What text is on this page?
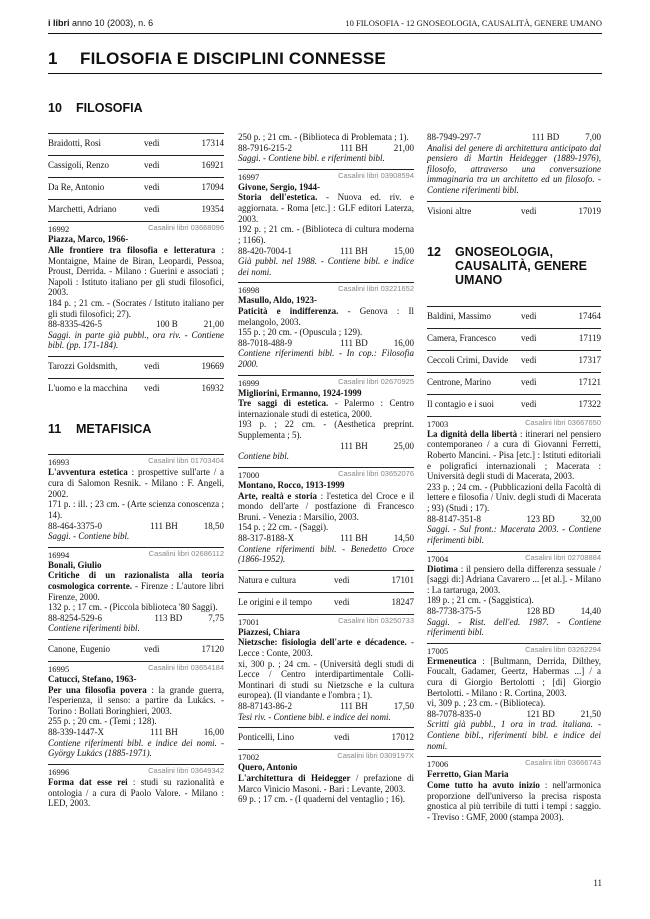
i libri anno 10 (2003), n. 6	10 FILOSOFIA - 12 GNOSEOLOGIA, CAUSALITÀ, GENERE UMANO
1 FILOSOFIA E DISCIPLINI CONNESSE
10 FILOSOFIA
Braidotti, Rosi	vedi	17314
Cassigoli, Renzo	vedi	16921
Da Re, Antonio	vedi	17094
Marchetti, Adriano	vedi	19354
16992	Casalini libri 03668096
Piazza, Marco, 1966-
Alle frontiere tra filosofia e letteratura : Montaigne, Maine de Biran, Leopardi, Pessoa, Proust, Derrida. - Milano : Guerini e associati ; Napoli : Istituto italiano per gli studi filosofici, 2003.
184 p. ; 21 cm. - (Socrates / Istituto italiano per gli studi filosofici; 27).
88-8335-426-5	100 B	21,00
Saggi. in parte già pubbl., ora riv. - Contiene bibl. (pp. 171-184).
Tarozzi Goldsmith,	vedi	19669
L'uomo e la macchina	vedi	16932
11 METAFISICA
16993	Casalini libri 01703404
L'avventura estetica : prospettive sull'arte / a cura di Salomon Resnik. - Milano : F. Angeli, 2002.
171 p. : ill. ; 23 cm. - (Arte scienza conoscenza ; 14).
88-464-3375-0	111 BH	18,50
Saggi. - Contiene bibl.
16994	Casalini libri 02686112
Bonali, Giulio
Critiche di un razionalista alla teoria cosmologica corrente. - Firenze : L'autore libri Firenze, 2000.
132 p. ; 17 cm. - (Piccola biblioteca '80 Saggi).
88-8254-529-6	113 BD	7,75
Contiene riferimenti bibl.
Canone, Eugenio	vedi	17120
16995	Casalini libri 03654184
Catucci, Stefano, 1963-
Per una filosofia povera : la grande guerra, l'esperienza, il senso: a partire da Lukács. - Torino : Bollati Boringhieri, 2003.
255 p. ; 20 cm. - (Temi ; 128).
88-339-1447-X	111 BH	16,00
Contiene riferimenti bibl. e indice dei nomi. - György Lukács (1885-1971).
16996	Casalini libri 03649342
Forma dat esse rei : studi su razionalità e ontologia / a cura di Paolo Valore. - Milano : LED, 2003.
250 p. ; 21 cm. - (Biblioteca di Problemata ; 1).
88-7916-215-2	111 BH	21,00
Saggi. - Contiene bibl. e riferimenti bibl.
16997	Casalini libri 03908594
Givone, Sergio, 1944-
Storia dell'estetica. - Nuova ed. riv. e aggiornata. - Roma [etc.] : GLF editori Laterza, 2003.
192 p. ; 21 cm. - (Biblioteca di cultura moderna ; 1166).
88-420-7004-1	111 BH	15,00
Già pubbl. nel 1988. - Contiene bibl. e indice dei nomi.
16998	Casalini libri 03221652
Masullo, Aldo, 1923-
Paticità e indifferenza. - Genova : Il melangolo, 2003.
155 p. ; 20 cm. - (Opuscula ; 129).
88-7018-488-9	111 BD	16,00
Contiene riferimenti bibl. - In cop.: Filosofia 2000.
16999	Casalini libri 02670925
Migliorini, Ermanno, 1924-1999
Tre saggi di estetica. - Palermo : Centro internazionale studi di estetica, 2000.
193 p. ; 22 cm. - (Aesthetica preprint. Supplementa ; 5).
111 BH	25,00
Contiene bibl.
17000	Casalini libri 03652076
Montano, Rocco, 1913-1999
Arte, realtà e storia : l'estetica del Croce e il mondo dell'arte / postfazione di Francesco Bruni. - Venezia : Marsilio, 2003.
154 p. ; 22 cm. - (Saggi).
88-317-8188-X	111 BH	14,50
Contiene riferimenti bibl. - Benedetto Croce (1866-1952).
Natura e cultura	vedi	17101
Le origini e il tempo	vedi	18247
17001	Casalini libri 03250733
Piazzesi, Chiara
Nietzsche: fisiologia dell'arte e décadence. - Lecce : Conte, 2003.
xi, 300 p. ; 24 cm. - (Università degli studi di Lecce / Centro interdipartimentale Colli-Montinari di studi su Nietzsche e la cultura europea). (Il viandante e l'ombra ; 1).
88-87143-86-2	111 BH	17,50
Tesi riv. - Contiene bibl. e indice dei nomi.
Ponticelli, Lino	vedi	17012
17002	Casalini libri 0309197X
Quero, Antonio
L'architettura di Heidegger / prefazione di Marco Vinicio Masoni. - Bari : Levante, 2003.
69 p. ; 17 cm. - (I quaderni del ventaglio ; 16).
88-7949-297-7	111 BD	7,00
Analisi del genere di architettura anticipato dal pensiero di Martin Heidegger (1889-1976), filosofo, attraverso una conversazione immaginaria tra un architetto ed un filosofo. - Contiene riferimenti bibl.
Visioni altre	vedi	17019
12 GNOSEOLOGIA, CAUSALITÀ, GENERE UMANO
Baldini, Massimo	vedi	17464
Camera, Francesco	vedi	17119
Ceccoli Crimi, Davide	vedi	17317
Centrone, Marino	vedi	17121
Il contagio e i suoi	vedi	17322
17003	Casalini libri 03667650
La dignità della libertà : itinerari nel pensiero contemporaneo / a cura di Giovanni Ferretti, Roberto Mancini. - Pisa [etc.] : Istituti editoriali e poligrafici internazionali ; Macerata : Università degli studi di Macerata, 2003.
233 p. ; 24 cm. - (Pubblicazioni della Facoltà di lettere e filosofia / Univ. degli studi di Macerata ; 93) (Studi ; 17).
88-8147-351-8	123 BD	32,00
Saggi. - Sul front.: Macerata 2003. - Contiene riferimenti bibl.
17004	Casalini libri 02708884
Diotima : il pensiero della differenza sessuale / [saggi di:] Adriana Cavarero ... [et al.]. - Milano : La tartaruga, 2003.
189 p. ; 21 cm. - (Saggistica).
88-7738-375-5	128 BD	14,40
Saggi. - Rist. dell'ed. 1987. - Contiene riferimenti bibl.
17005	Casalini libri 03262294
Ermeneutica : [Bultmann, Derrida, Dilthey, Foucalt, Gadamer, Geertz, Habermas ...] / a cura di Giorgio Bertolotti ; [di] Giorgio Bertolotti. - Milano : R. Cortina, 2003.
vi, 309 p. ; 23 cm. - (Biblioteca).
88-7078-835-0	121 BD	21,50
Scritti già pubbl., 1 ora in trad. italiana. - Contiene bibl., riferimenti bibl. e indice dei nomi.
17006	Casalini libri 03666743
Ferretto, Gian Maria
Come tutto ha avuto inizio : nell'armonica proporzione dell'universo la precisa risposta gnostica al più terribile di tutti i tempi : saggio. - Treviso : GMF, 2000 (stampa 2003).
11
